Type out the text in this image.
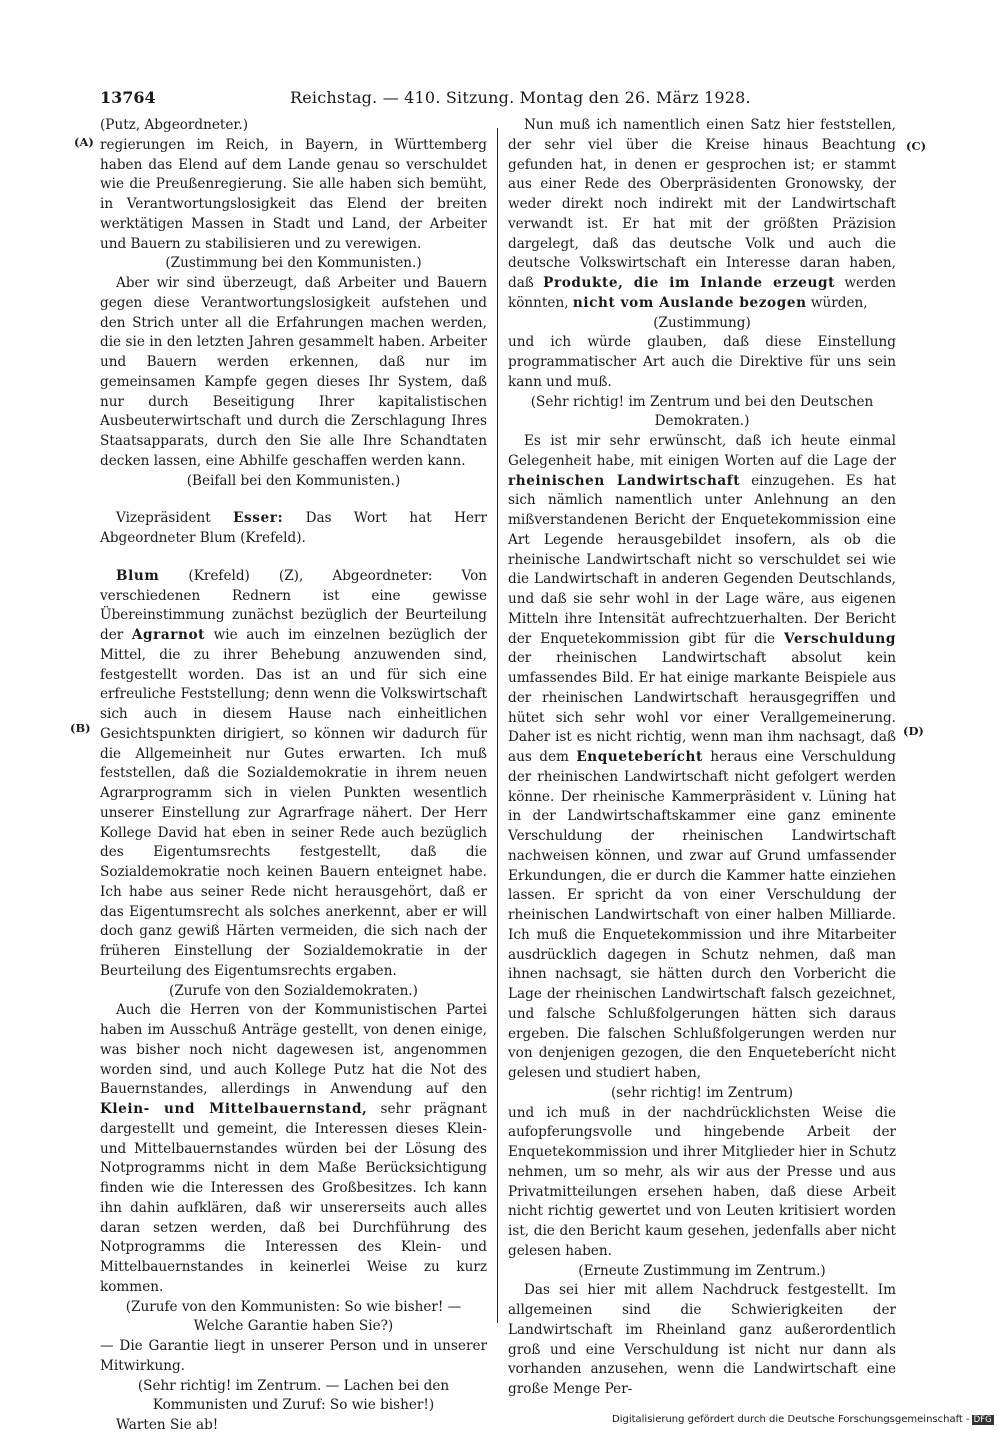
13764	Reichstag. — 410. Sitzung. Montag den 26. März 1928.
(A)
(B)
(C)
(D)

(Putz, Abgeordneter.)

regierungen im Reich, in Bayern, in Württemberg haben das Elend auf dem Lande genau so verschuldet wie die Preußenregierung. Sie alle haben sich bemüht, in Verantwortungslosigkeit das Elend der breiten werktätigen Massen in Stadt und Land, der Arbeiter und Bauern zu stabilisieren und zu verewigen.

(Zustimmung bei den Kommunisten.)

Aber wir sind überzeugt, daß Arbeiter und Bauern gegen diese Verantwortungslosigkeit aufstehen und den Strich unter all die Erfahrungen machen werden, die sie in den letzten Jahren gesammelt haben. Arbeiter und Bauern werden erkennen, daß nur im gemeinsamen Kampfe gegen dieses Ihr System, daß nur durch Beseitigung Ihrer kapitalistischen Ausbeuterwirtschaft und durch die Zerschlagung Ihres Staatsapparats, durch den Sie alle Ihre Schandtaten decken lassen, eine Abhilfe geschaffen werden kann.

(Beifall bei den Kommunisten.)

Vizepräsident Esser: Das Wort hat Herr Abgeordneter Blum (Krefeld).

Blum (Krefeld) (Z), Abgeordneter: Von verschiedenen Rednern ist eine gewisse Übereinstimmung zunächst bezüglich der Beurteilung der Agrarnot wie auch im einzelnen bezüglich der Mittel, die zu ihrer Behebung anzuwenden sind, festgestellt worden. Das ist an und für sich eine erfreuliche Feststellung; denn wenn die Volkswirtschaft sich auch in diesem Hause nach einheitlichen Gesichtspunkten dirigiert, so können wir dadurch für die Allgemeinheit nur Gutes erwarten. Ich muß feststellen, daß die Sozialdemokratie in ihrem neuen Agrarprogramm sich in vielen Punkten wesentlich unserer Einstellung zur Agrarfrage nähert. Der Herr Kollege David hat eben in seiner Rede auch bezüglich des Eigentumsrechts festgestellt, daß die Sozialdemokratie noch keinen Bauern enteignet habe. Ich habe aus seiner Rede nicht herausgehört, daß er das Eigentumsrecht als solches anerkennt, aber er will doch ganz gewiß Härten vermeiden, die sich nach der früheren Einstellung der Sozialdemokratie in der Beurteilung des Eigentumsrechts ergaben.

(Zurufe von den Sozialdemokraten.)

Auch die Herren von der Kommunistischen Partei haben im Ausschuß Anträge gestellt, von denen einige, was bisher noch nicht dagewesen ist, angenommen worden sind, und auch Kollege Putz hat die Not des Bauernstandes, allerdings in Anwendung auf den Klein- und Mittelbauernstand, sehr prägnant dargestellt und gemeint, die Interessen dieses Klein- und Mittelbauernstandes würden bei der Lösung des Notprogramms nicht in dem Maße Berücksichtigung finden wie die Interessen des Großbesitzes. Ich kann ihn dahin aufklären, daß wir unsererseits auch alles daran setzen werden, daß bei Durchführung des Notprogramms die Interessen des Klein- und Mittelbauernstandes in keinerlei Weise zu kurz kommen.

(Zurufe von den Kommunisten: So wie bisher! — Welche Garantie haben Sie?)

— Die Garantie liegt in unserer Person und in unserer Mitwirkung.

(Sehr richtig! im Zentrum. — Lachen bei den Kommunisten und Zuruf: So wie bisher!)

Warten Sie ab!

Nun muß ich namentlich einen Satz hier feststellen, der sehr viel über die Kreise hinaus Beachtung gefunden hat, in denen er gesprochen ist; er stammt aus einer Rede des Oberpräsidenten Gronowsky, der weder direkt noch indirekt mit der Landwirtschaft verwandt ist. Er hat mit der größten Präzision dargelegt, daß das deutsche Volk und auch die deutsche Volkswirtschaft ein Interesse daran haben, daß Produkte, die im Inlande erzeugt werden könnten, nicht vom Auslande bezogen würden,

(Zustimmung)

und ich würde glauben, daß diese Einstellung programmatischer Art auch die Direktive für uns sein kann und muß.

(Sehr richtig! im Zentrum und bei den Deutschen Demokraten.)

Es ist mir sehr erwünscht, daß ich heute einmal Gelegenheit habe, mit einigen Worten auf die Lage der rheinischen Landwirtschaft einzugehen. Es hat sich nämlich namentlich unter Anlehnung an den mißverstandenen Bericht der Enquetekommission eine Art Legende herausgebildet insofern, als ob die rheinische Landwirtschaft nicht so verschuldet sei wie die Landwirtschaft in anderen Gegenden Deutschlands, und daß sie sehr wohl in der Lage wäre, aus eigenen Mitteln ihre Intensität aufrechtzuerhalten. Der Bericht der Enquetekommission gibt für die Verschuldung der rheinischen Landwirtschaft absolut kein umfassendes Bild. Er hat einige markante Beispiele aus der rheinischen Landwirtschaft herausgegriffen und hütet sich sehr wohl vor einer Verallgemeinerung. Daher ist es nicht richtig, wenn man ihm nachsagt, daß aus dem Enqueteberícht heraus eine Verschuldung der rheinischen Landwirtschaft nicht gefolgert werden könne. Der rheinische Kammerpräsident v. Lüning hat in der Landwirtschaftskammer eine ganz eminente Verschuldung der rheinischen Landwirtschaft nachweisen können, und zwar auf Grund umfassender Erkundungen, die er durch die Kammer hatte einziehen lassen. Er spricht da von einer Verschuldung der rheinischen Landwirtschaft von einer halben Milliarde. Ich muß die Enquetekommission und ihre Mitarbeiter ausdrücklich dagegen in Schutz nehmen, daß man ihnen nachsagt, sie hätten durch den Vorbericht die Lage der rheinischen Landwirtschaft falsch gezeichnet, und falsche Schlußfolgerungen hätten sich daraus ergeben. Die falschen Schlußfolgerungen werden nur von denjenigen gezogen, die den Enqueteberícht nicht gelesen und studiert haben,

(sehr richtig! im Zentrum)

und ich muß in der nachdrücklichsten Weise die aufopferungsvolle und hingebende Arbeit der Enquetekommission und ihrer Mitglieder hier in Schutz nehmen, um so mehr, als wir aus der Presse und aus Privatmitteilungen ersehen haben, daß diese Arbeit nicht richtig gewertet und von Leuten kritisiert worden ist, die den Bericht kaum gesehen, jedenfalls aber nicht gelesen haben.

(Erneute Zustimmung im Zentrum.)

Das sei hier mit allem Nachdruck festgestellt. Im allgemeinen sind die Schwierigkeiten der Landwirtschaft im Rheinland ganz außerordentlich groß und eine Verschuldung ist nicht nur dann als vorhanden anzusehen, wenn die Landwirtschaft eine große Menge Per-

Digitalisierung gefördert durch die Deutsche Forschungsgemeinschaft - DFG
